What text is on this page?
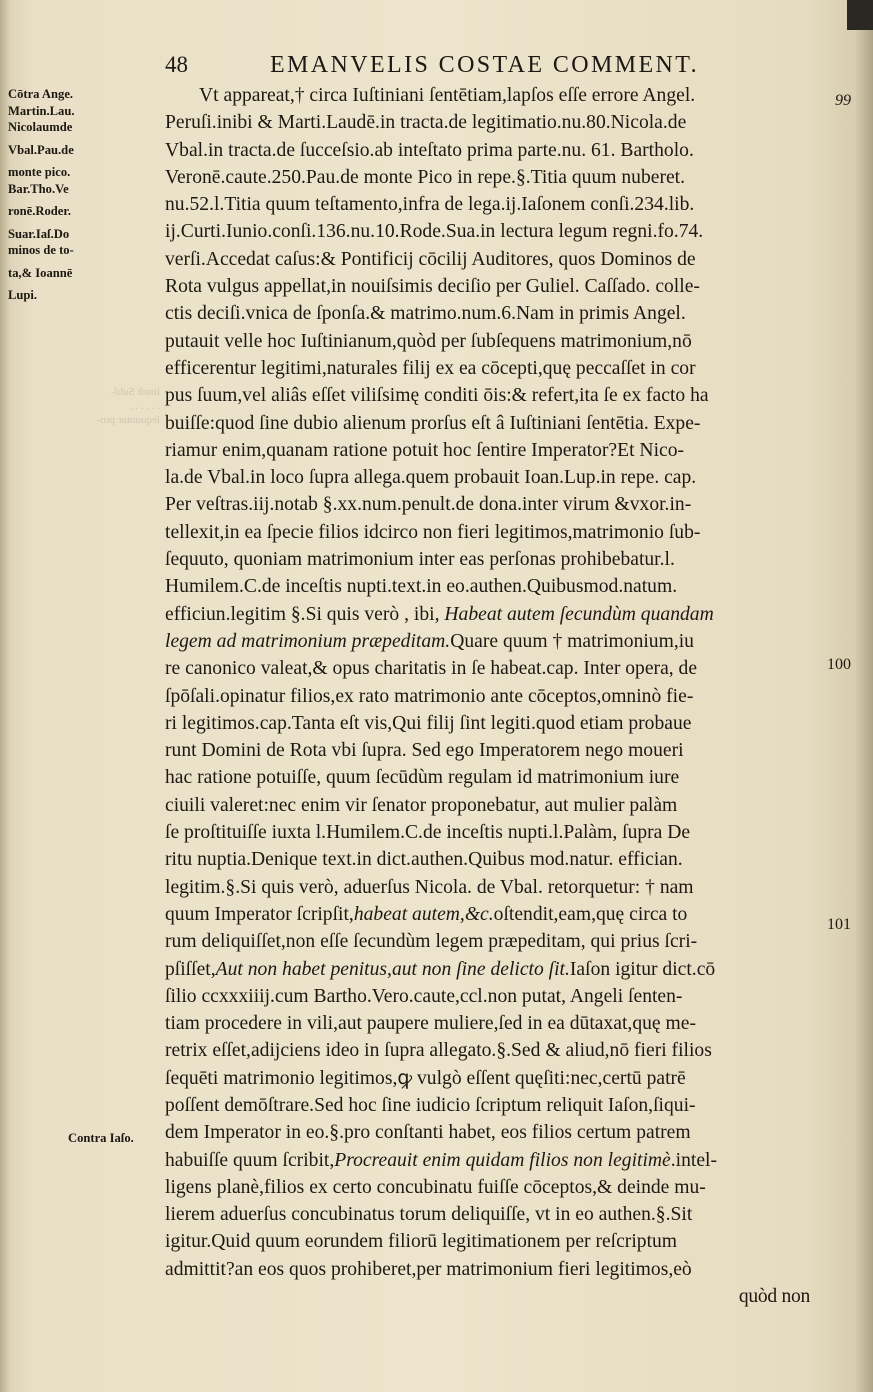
inteſt Subſ-
. . . . . .
ſequuntur pro-
48	EMANVELIS COSTAE COMMENT.
Cōtra Ange.
Martin.Lau.
Nicolaumde
Vbal.Pau.de
monte pico.
Bar.Tho.Ve
ronē.Roder.
Suar.Iaſ.Do
minos de to-
ta,& Ioannē
Lupi.
Contra Iaſo.
99
100
101
Vt appareat,† circa Iuſtiniani ſentētiam,lapſos eſſe errore Angel.
Peruſi.inibi & Marti.Laudē.in tracta.de legitimatio.nu.80.Nicola.de
Vbal.in tracta.de ſucceſsio.ab inteſtato prima parte.nu. 61. Bartholo.
Veronē.caute.250.Pau.de monte Pico in repe.§.Titia quum nuberet.
nu.52.l.Titia quum teſtamento,infra de lega.ij.Iaſonem conſi.234.lib.
ij.Curti.Iunio.conſi.136.nu.10.Rode.Sua.in lectura legum regni.fo.74.
verſi.Accedat caſus:& Pontificij cōcilij Auditores, quos Dominos de
Rota vulgus appellat,in nouiſsimis deciſio per Guliel. Caſſado. colle-
ctis deciſi.vnica de ſponſa.& matrimo.num.6.Nam in primis Angel.
putauit velle hoc Iuſtinianum,quòd per ſubſequens matrimonium,nō
efficerentur legitimi,naturales filij ex ea cōcepti,quę peccaſſet in cor
pus ſuum,vel aliâs eſſet viliſsimę conditi ōis:& refert,ita ſe ex facto ha
buiſſe:quod ſine dubio alienum prorſus eſt â Iuſtiniani ſentētia. Expe-
riamur enim,quanam ratione potuit hoc ſentire Imperator?Et Nico-
la.de Vbal.in loco ſupra allega.quem probauit Ioan.Lup.in repe. cap.
Per veſtras.iij.notab §.xx.num.penult.de dona.inter virum &vxor.in-
tellexit,in ea ſpecie filios idcirco non fieri legitimos,matrimonio ſub-
ſequuto, quoniam matrimonium inter eas perſonas prohibebatur.l.
Humilem.C.de inceſtis nupti.text.in eo.authen.Quibusmod.natum.
efficiun.legitim §.Si quis verò , ibi, Habeat autem ſecundùm quandam
legem ad matrimonium præpeditam.Quare quum † matrimonium,iu
re canonico valeat,& opus charitatis in ſe habeat.cap. Inter opera, de
ſpōſali.opinatur filios,ex rato matrimonio ante cōceptos,omninò fie-
ri legitimos.cap.Tanta eſt vis,Qui filij ſint legiti.quod etiam probaue
runt Domini de Rota vbi ſupra. Sed ego Imperatorem nego moueri
hac ratione potuiſſe, quum ſecūdùm regulam id matrimonium iure
ciuili valeret:nec enim vir ſenator proponebatur, aut mulier palàm
ſe proſtituiſſe iuxta l.Humilem.C.de inceſtis nupti.l.Palàm, ſupra De
ritu nuptia.Denique text.in dict.authen.Quibus mod.natur. effician.
legitim.§.Si quis verò, aduerſus Nicola. de Vbal. retorquetur: † nam
quum Imperator ſcripſit,habeat autem,&c.oſtendit,eam,quę circa to
rum deliquiſſet,non eſſe ſecundùm legem præpeditam, qui prius ſcri-
pſiſſet,Aut non habet penitus,aut non ſine delicto ſit.Iaſon igitur dict.cō
ſilio ccxxxiiij.cum Bartho.Vero.caute,ccl.non putat, Angeli ſenten-
tiam procedere in vili,aut paupere muliere,ſed in ea dūtaxat,quę me-
retrix eſſet,adijciens ideo in ſupra allegato.§.Sed & aliud,nō fieri filios
ſequēti matrimonio legitimos,ꝙ vulgò eſſent quęſiti:nec,certū patrē
poſſent demōſtrare.Sed hoc ſine iudicio ſcriptum reliquit Iaſon,ſiqui-
dem Imperator in eo.§.pro conſtanti habet, eos filios certum patrem
habuiſſe quum ſcribit,Procreauit enim quidam filios non legitimè.intel-
ligens planè,filios ex certo concubinatu fuiſſe cōceptos,& deinde mu-
lierem aduerſus concubinatus torum deliquiſſe, vt in eo authen.§.Sit
igitur.Quid quum eorundem filiorū legitimationem per reſcriptum
admittit?an eos quos prohiberet,per matrimonium fieri legitimos,eò
quòd non
